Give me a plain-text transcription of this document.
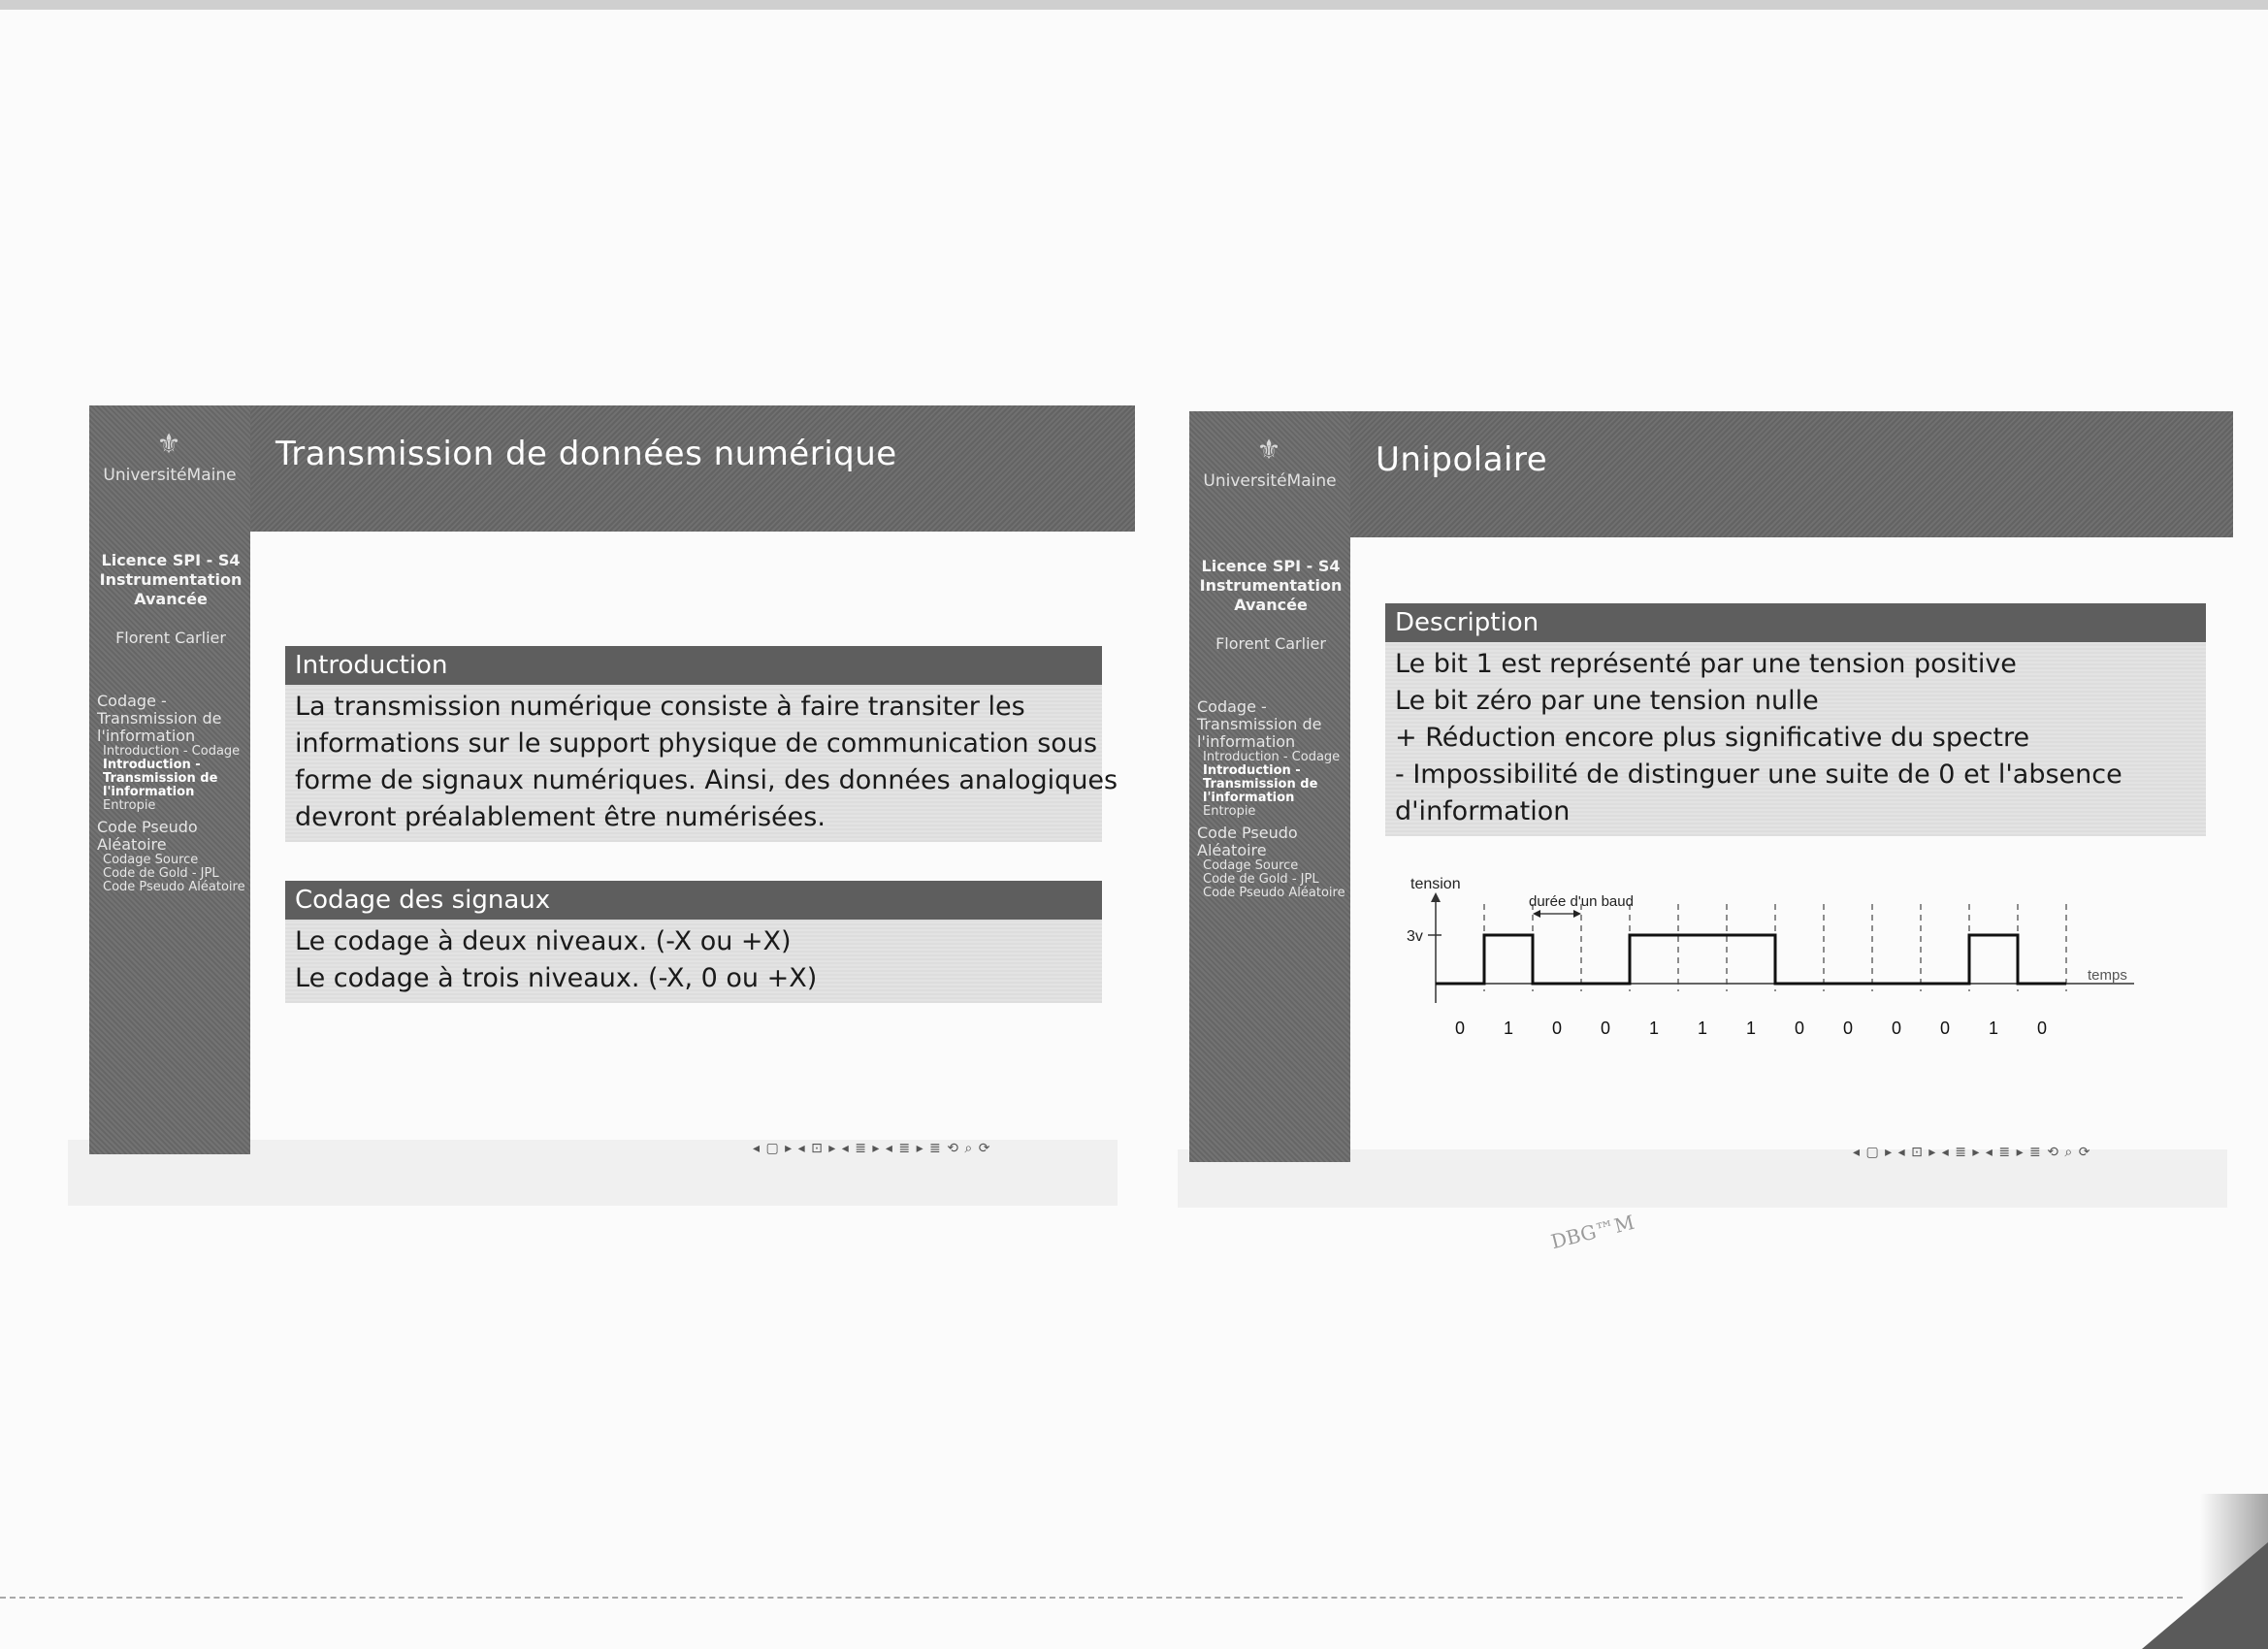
⚜
UniversitéMaine
Licence SPI - S4 Instrumentation Avancée
Florent Carlier
Codage - Transmission de l'information
Introduction - Codage
Introduction - Transmission de l'information
Entropie
Code Pseudo Aléatoire
Codage Source
Code de Gold - JPL
Code Pseudo Aléatoire
Transmission de données numérique
Introduction
La transmission numérique consiste à faire transiter les
informations sur le support physique de communication sous
forme de signaux numériques. Ainsi, des données analogiques
devront préalablement être numérisées.
Codage des signaux
Le codage à deux niveaux. (-X ou +X)
Le codage à trois niveaux. (-X, 0 ou +X)
◂ ▢ ▸ ◂ ⊡ ▸ ◂ ≣ ▸ ◂ ≣ ▸ ≣ ⟲ ⌕ ⟳
⚜
UniversitéMaine
Licence SPI - S4 Instrumentation Avancée
Florent Carlier
Codage - Transmission de l'information
Introduction - Codage
Introduction - Transmission de l'information
Entropie
Code Pseudo Aléatoire
Codage Source
Code de Gold - JPL
Code Pseudo Aléatoire
Unipolaire
Description
Le bit 1 est représenté par une tension positive
Le bit zéro par une tension nulle
+ Réduction encore plus significative du spectre
- Impossibilité de distinguer une suite de 0 et l'absence
d'information
tension
temps
3v
durée d'un baud
0 1 0 0 1 1 1 0 0 0 0 1 0
◂ ▢ ▸ ◂ ⊡ ▸ ◂ ≣ ▸ ◂ ≣ ▸ ≣ ⟲ ⌕ ⟳
DBG™M
